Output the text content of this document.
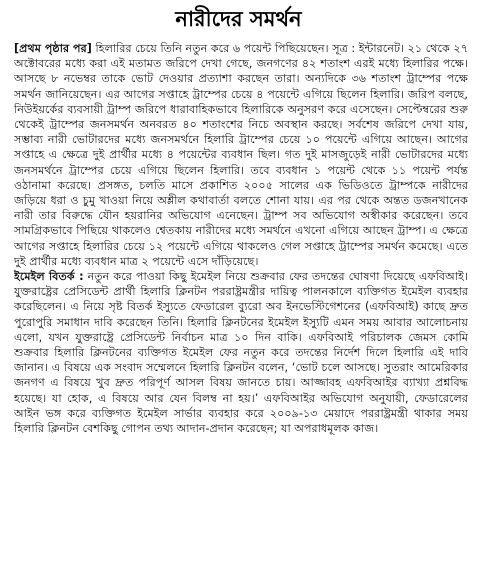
নারীদের সমর্থন

[প্রথম পৃষ্ঠার পর] হিলারির চেয়ে তিনি নতুন করে ৬ পয়েন্ট পিছিয়েছেন। সূত্র : ইন্টারনেট। ২১ থেকে ২৭ অক্টোবরের মধ্যে করা এই মতামত জরিপে দেখা গেছে, জনগণের ৪২ শতাংশ এরই মধ্যে হিলারির পক্ষে। আসছে ৮ নভেম্বর তাকে ভোট দেওয়ার প্রত্যাশা করছেন তারা। অন্যদিকে ৩৬ শতাংশ ট্রাম্পের পক্ষে সমর্থন জানিয়েছেন। এর আগের সপ্তাহে ট্রাম্পের চেয়ে ৪ পয়েন্টে এগিয়ে ছিলেন হিলারি। জরিপ বলছে, নিউইয়র্কের ব্যবসায়ী ট্রাম্প জরিপে ধারাবাহিকভাবে হিলারিকে অনুসরণ করে এসেছেন। সেপ্টেম্বরের শুরু থেকেই ট্রাম্পের জনসমর্থন অনবরত ৪০ শতাংশের নিচে অবস্থান করছে। সর্বশেষ জরিপে দেখা যায়, সম্ভাব্য নারী ভোটারদের মধ্যে জনসমর্থনে হিলারি ট্রাম্পের চেয়ে ১০ পয়েন্টে এগিয়ে আছেন। আগের সপ্তাহে এ ক্ষেত্রে দুই প্রার্থীর মধ্যে ৪ পয়েন্টের ব্যবধান ছিল। গত দুই মাসজুড়েই নারী ভোটারদের মধ্যে জনসমর্থনে ট্রাম্পের চেয়ে এগিয়ে ছিলেন হিলারি। তবে ব্যবধান ১ পয়েন্ট থেকে ১১ পয়েন্ট পর্যন্ত ওঠানামা করেছে। প্রসঙ্গত, চলতি মাসে প্রকাশিত ২০০৫ সালের এক ভিডিওতে ট্রাম্পকে নারীদের জড়িয়ে ধরা ও চুমু খাওয়া নিয়ে অশ্লীল কথাবার্তা বলতে শোনা যায়। এর পর থেকে অন্তত ডজনখানেক নারী তার বিরুদ্ধে যৌন হয়রানির অভিযোগ এনেছেন। ট্রাম্প সব অভিযোগ অস্বীকার করেছেন। তবে সামগ্রিকভাবে পিছিয়ে থাকলেও শ্বেতকায় নারীদের মধ্যে সমর্থনে এখনো এগিয়ে আছেন ট্রাম্প। এ ক্ষেত্রে আগের সপ্তাহে হিলারির চেয়ে ১২ পয়েন্টে এগিয়ে থাকলেও গেল সপ্তাহে ট্রাম্পের সমর্থন কমেছে। এতে দুই প্রার্থীর মধ্যে ব্যবধান মাত্র ২ পয়েন্টে এসে দাঁড়িয়েছে।

ইমেইল বিতর্ক : নতুন করে পাওয়া কিছু ইমেইল নিয়ে শুক্রবার ফের তদন্তের ঘোষণা দিয়েছে এফবিআই। যুক্তরাষ্ট্রের প্রেসিডেন্ট প্রার্থী হিলারি ক্লিনটন পররাষ্ট্রমন্ত্রীর দায়িত্ব পালনকালে ব্যক্তিগত ইমেইল ব্যবহার করেছিলেন। এ নিয়ে সৃষ্ট বিতর্ক ইস্যুতে ফেডারেল ব্যুরো অব ইনভেস্টিগেশনের (এফবিআই) কাছে দ্রুত পুরোপুরি সমাধান দাবি করেছেন তিনি। হিলারি ক্লিনটনের ইমেইল ইস্যুটি এমন সময় আবার আলোচনায় এলো, যখন যুক্তরাষ্ট্রে প্রেসিডেন্ট নির্বাচন মাত্র ১০ দিন বাকি। এফবিআই পরিচালক জেমস কোমি শুক্রবার হিলারি ক্লিনটনের ব্যক্তিগত ইমেইল ফের নতুন করে তদন্তের নির্দেশ দিলে হিলারি এই দাবি জানান। এ বিষয়ে এক সংবাদ সম্মেলনে হিলারি ক্লিনটন বলেন, ‘ভোট চলে আসছে। সুতরাং আমেরিকার জনগণ এ বিষয়ে খুব দ্রুত পরিপূর্ণ আসল বিষয় জানতে চায়। আজ্জাবহ এফবিআইর ব্যাখ্যা প্রশ্নবিদ্ধ হয়েছে। যা হোক, এ বিষয়ে আর যেন বিলম্ব না হয়।’ এফবিআইর অভিযোগ অনুযায়ী, ফেডারেলের আইন ভঙ্গ করে ব্যক্তিগত ইমেইল সার্ভার ব্যবহার করে ২০০৯-১৩ মেয়াদে পররাষ্ট্রমন্ত্রী থাকার সময় হিলারি ক্লিনটন বেশকিছু গোপন তথ্য আদান-প্রদান করেছেন; যা অপরাধমূলক কাজ।
